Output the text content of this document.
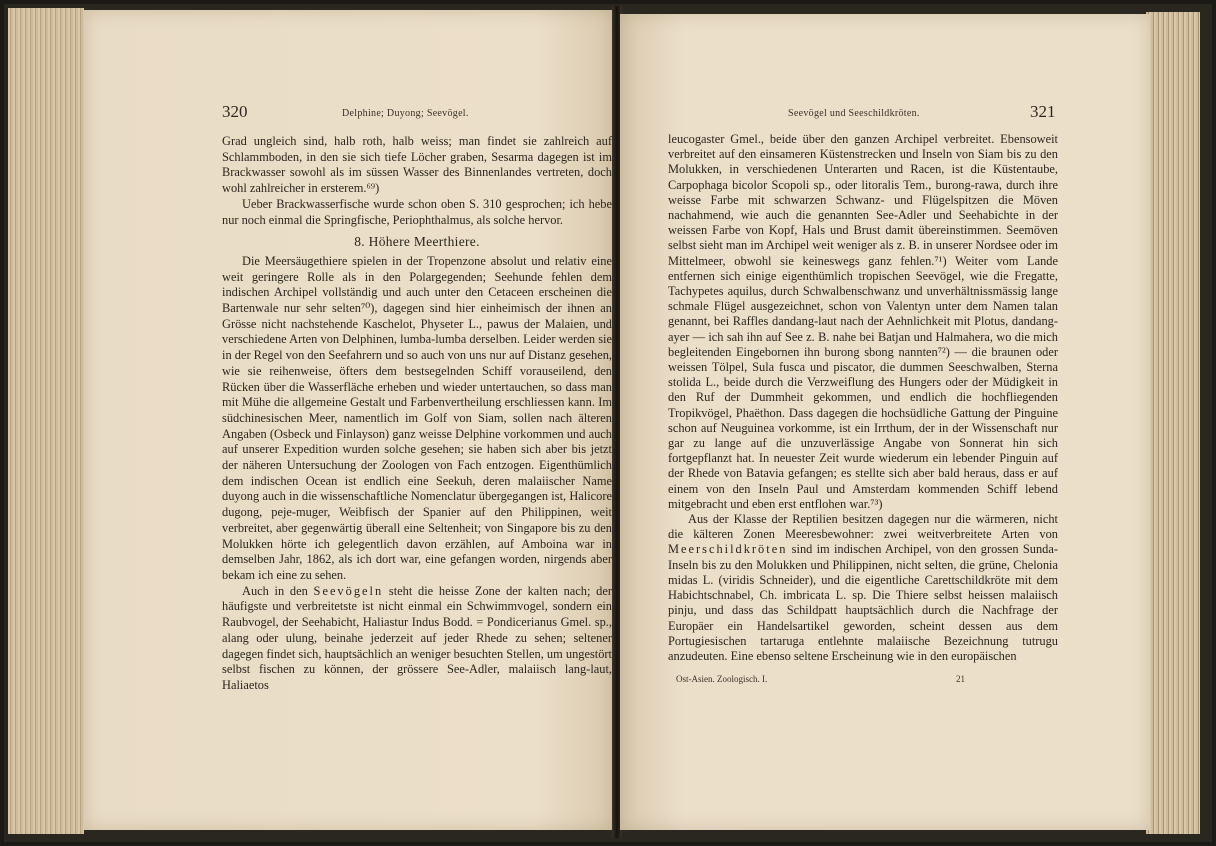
320	Delphine; Duyong; Seevögel.

Grad ungleich sind, halb roth, halb weiss; man findet sie zahlreich auf Schlammboden, in den sie sich tiefe Löcher graben, Sesarma dagegen ist im Brackwasser sowohl als im süssen Wasser des Binnenlandes vertreten, doch wohl zahlreicher in ersterem.⁶⁹)

Ueber Brackwasserfische wurde schon oben S. 310 gesprochen; ich hebe nur noch einmal die Springfische, Periophthalmus, als solche hervor.

8. Höhere Meerthiere.

Die Meersäugethiere spielen in der Tropenzone absolut und relativ eine weit geringere Rolle als in den Polargegenden; Seehunde fehlen dem indischen Archipel vollständig und auch unter den Cetaceen erscheinen die Bartenwale nur sehr selten⁷⁰), dagegen sind hier einheimisch der ihnen an Grösse nicht nachstehende Kaschelot, Physeter L., pawus der Malaien, und verschiedene Arten von Delphinen, lumba-lumba derselben. Leider werden sie in der Regel von den Seefahrern und so auch von uns nur auf Distanz gesehen, wie sie reihenweise, öfters dem bestsegelnden Schiff vorauseilend, den Rücken über die Wasserfläche erheben und wieder untertauchen, so dass man mit Mühe die allgemeine Gestalt und Farbenvertheilung erschliessen kann. Im südchinesischen Meer, namentlich im Golf von Siam, sollen nach älteren Angaben (Osbeck und Finlayson) ganz weisse Delphine vorkommen und auch auf unserer Expedition wurden solche gesehen; sie haben sich aber bis jetzt der näheren Untersuchung der Zoologen von Fach entzogen. Eigenthümlich dem indischen Ocean ist endlich eine Seekuh, deren malaiischer Name duyong auch in die wissenschaftliche Nomenclatur übergegangen ist, Halicore dugong, peje-muger, Weibfisch der Spanier auf den Philippinen, weit verbreitet, aber gegenwärtig überall eine Seltenheit; von Singapore bis zu den Molukken hörte ich gelegentlich davon erzählen, auf Amboina war in demselben Jahr, 1862, als ich dort war, eine gefangen worden, nirgends aber bekam ich eine zu sehen.

Auch in den Seevögeln steht die heisse Zone der kalten nach; der häufigste und verbreitetste ist nicht einmal ein Schwimmvogel, sondern ein Raubvogel, der Seehabicht, Haliastur Indus Bodd. = Pondicerianus Gmel. sp., alang oder ulung, beinahe jederzeit auf jeder Rhede zu sehen; seltener dagegen findet sich, hauptsächlich an weniger besuchten Stellen, um ungestört selbst fischen zu können, der grössere See-Adler, malaiisch lang-laut, Haliaetos

Seevögel und Seeschildkröten.	321

leucogaster Gmel., beide über den ganzen Archipel verbreitet. Ebensoweit verbreitet auf den einsameren Küstenstrecken und Inseln von Siam bis zu den Molukken, in verschiedenen Unterarten und Racen, ist die Küstentaube, Carpophaga bicolor Scopoli sp., oder litoralis Tem., burong-rawa, durch ihre weisse Farbe mit schwarzen Schwanz- und Flügelspitzen die Möven nachahmend, wie auch die genannten See-Adler und Seehabichte in der weissen Farbe von Kopf, Hals und Brust damit übereinstimmen. Seemöven selbst sieht man im Archipel weit weniger als z. B. in unserer Nordsee oder im Mittelmeer, obwohl sie keineswegs ganz fehlen.⁷¹) Weiter vom Lande entfernen sich einige eigenthümlich tropischen Seevögel, wie die Fregatte, Tachypetes aquilus, durch Schwalbenschwanz und unverhältnissmässig lange schmale Flügel ausgezeichnet, schon von Valentyn unter dem Namen talan genannt, bei Raffles dandang-laut nach der Aehnlichkeit mit Plotus, dandang-ayer — ich sah ihn auf See z. B. nahe bei Batjan und Halmahera, wo die mich begleitenden Eingebornen ihn burong sbong nannten⁷²) — die braunen oder weissen Tölpel, Sula fusca und piscator, die dummen Seeschwalben, Sterna stolida L., beide durch die Verzweiflung des Hungers oder der Müdigkeit in den Ruf der Dummheit gekommen, und endlich die hochfliegenden Tropikvögel, Phaëthon. Dass dagegen die hochsüdliche Gattung der Pinguine schon auf Neuguinea vorkomme, ist ein Irrthum, der in der Wissenschaft nur gar zu lange auf die unzuverlässige Angabe von Sonnerat hin sich fortgepflanzt hat. In neuester Zeit wurde wiederum ein lebender Pinguin auf der Rhede von Batavia gefangen; es stellte sich aber bald heraus, dass er auf einem von den Inseln Paul und Amsterdam kommenden Schiff lebend mitgebracht und eben erst entflohen war.⁷³)

Aus der Klasse der Reptilien besitzen dagegen nur die wärmeren, nicht die kälteren Zonen Meeresbewohner: zwei weitverbreitete Arten von Meerschildkröten sind im indischen Archipel, von den grossen Sunda-Inseln bis zu den Molukken und Philippinen, nicht selten, die grüne, Chelonia midas L. (viridis Schneider), und die eigentliche Carettschildkröte mit dem Habichtschnabel, Ch. imbricata L. sp. Die Thiere selbst heissen malaiisch pinju, und dass das Schildpatt hauptsächlich durch die Nachfrage der Europäer ein Handelsartikel geworden, scheint dessen aus dem Portugiesischen tartaruga entlehnte malaiische Bezeichnung tutrugu anzudeuten. Eine ebenso seltene Erscheinung wie in den europäischen

Ost-Asien. Zoologisch. I.	21
